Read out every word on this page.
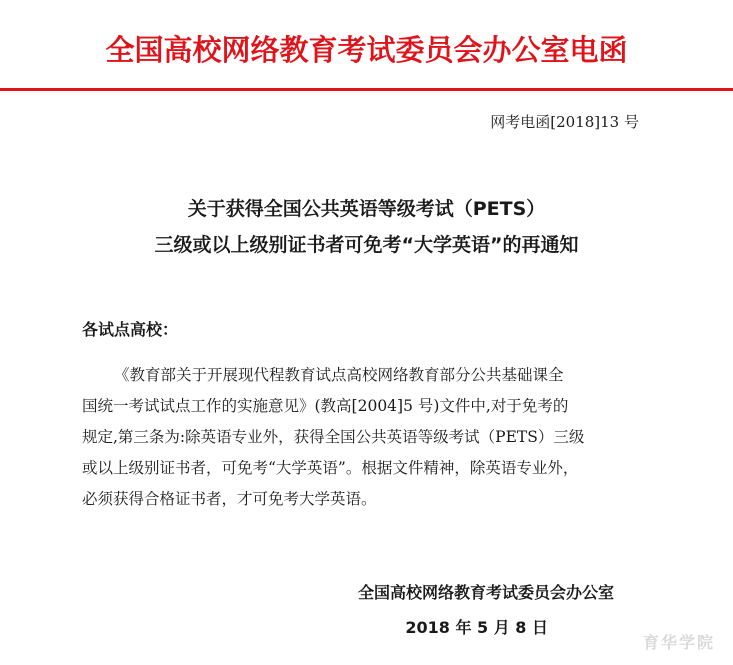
全国高校网络教育考试委员会办公室电函
网考电函[2018]13 号
关于获得全国公共英语等级考试（PETS）
三级或以上级别证书者可免考“大学英语”的再通知
各试点高校：
《教育部关于开展现代程教育试点高校网络教育部分公共基础课全
国统一考试试点工作的实施意见》(教高[2004]5 号)文件中,对于免考的
规定,第三条为:除英语专业外，获得全国公共英语等级考试（PETS）三级
或以上级别证书者，可免考“大学英语”。根据文件精神，除英语专业外，
必须获得合格证书者，才可免考大学英语。
全国高校网络教育考试委员会办公室
2018 年 5 月 8 日
育华学院
